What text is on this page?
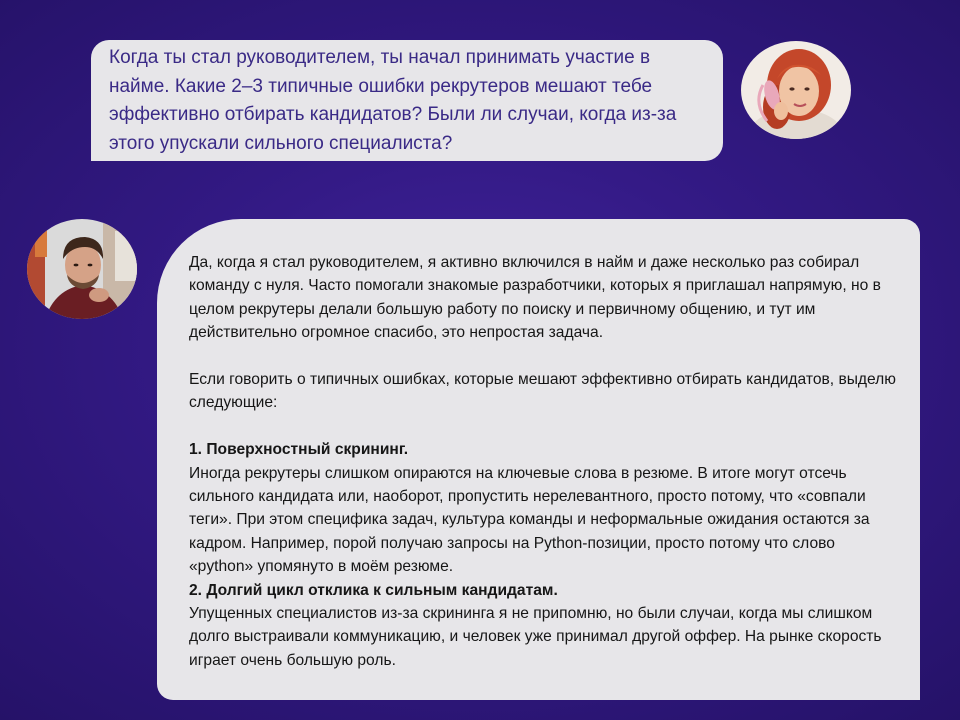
Когда ты стал руководителем, ты начал принимать участие в найме. Какие 2–3 типичные ошибки рекрутеров мешают тебе эффективно отбирать кандидатов? Были ли случаи, когда из-за этого упускали сильного специалиста?

Да, когда я стал руководителем, я активно включился в найм и даже несколько раз собирал команду с нуля. Часто помогали знакомые разработчики, которых я приглашал напрямую, но в целом рекрутеры делали большую работу по поиску и первичному общению, и тут им действительно огромное спасибо, это непростая задача.

Если говорить о типичных ошибках, которые мешают эффективно отбирать кандидатов, выделю следующие:

1. Поверхностный скрининг.

Иногда рекрутеры слишком опираются на ключевые слова в резюме. В итоге могут отсечь сильного кандидата или, наоборот, пропустить нерелевантного, просто потому, что «совпали теги». При этом специфика задач, культура команды и неформальные ожидания остаются за кадром. Например, порой получаю запросы на Python-позиции, просто потому что слово «python» упомянуто в моём резюме.

2. Долгий цикл отклика к сильным кандидатам.

Упущенных специалистов из-за скрининга я не припомню, но были случаи, когда мы слишком долго выстраивали коммуникацию, и человек уже принимал другой оффер. На рынке скорость играет очень большую роль.
